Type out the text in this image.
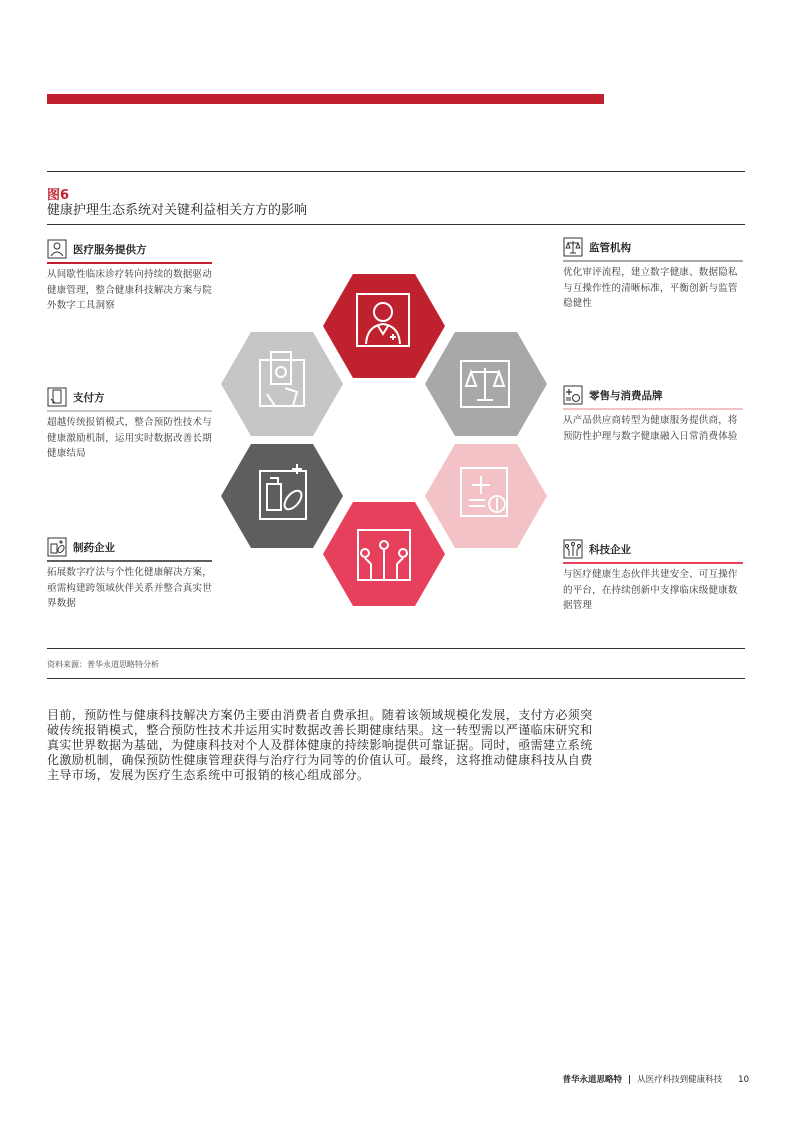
图6
健康护理生态系统对关键利益相关方方的影响
医疗服务提供方
从间歇性临床诊疗转向持续的数据驱动健康管理，整合健康科技解决方案与院外数字工具洞察
支付方
超越传统报销模式，整合预防性技术与健康激励机制，运用实时数据改善长期健康结局
制药企业
拓展数字疗法与个性化健康解决方案，亟需构建跨领域伙伴关系并整合真实世界数据
监管机构
优化审评流程，建立数字健康、数据隐私与互操作性的清晰标准，平衡创新与监管稳健性
零售与消费品牌
从产品供应商转型为健康服务提供商，将预防性护理与数字健康融入日常消费体验
科技企业
与医疗健康生态伙伴共建安全、可互操作的平台，在持续创新中支撑临床级健康数据管理
资料来源：普华永道思略特分析
目前，预防性与健康科技解决方案仍主要由消费者自费承担。随着该领域规模化发展，支付方必须突破传统报销模式，整合预防性技术并运用实时数据改善长期健康结果。这一转型需以严谨临床研究和真实世界数据为基础，为健康科技对个人及群体健康的持续影响提供可靠证据。同时，亟需建立系统化激励机制，确保预防性健康管理获得与治疗行为同等的价值认可。最终，这将推动健康科技从自费主导市场，发展为医疗生态系统中可报销的核心组成部分。
普华永道思略特 | 从医疗科技到健康科技 10
